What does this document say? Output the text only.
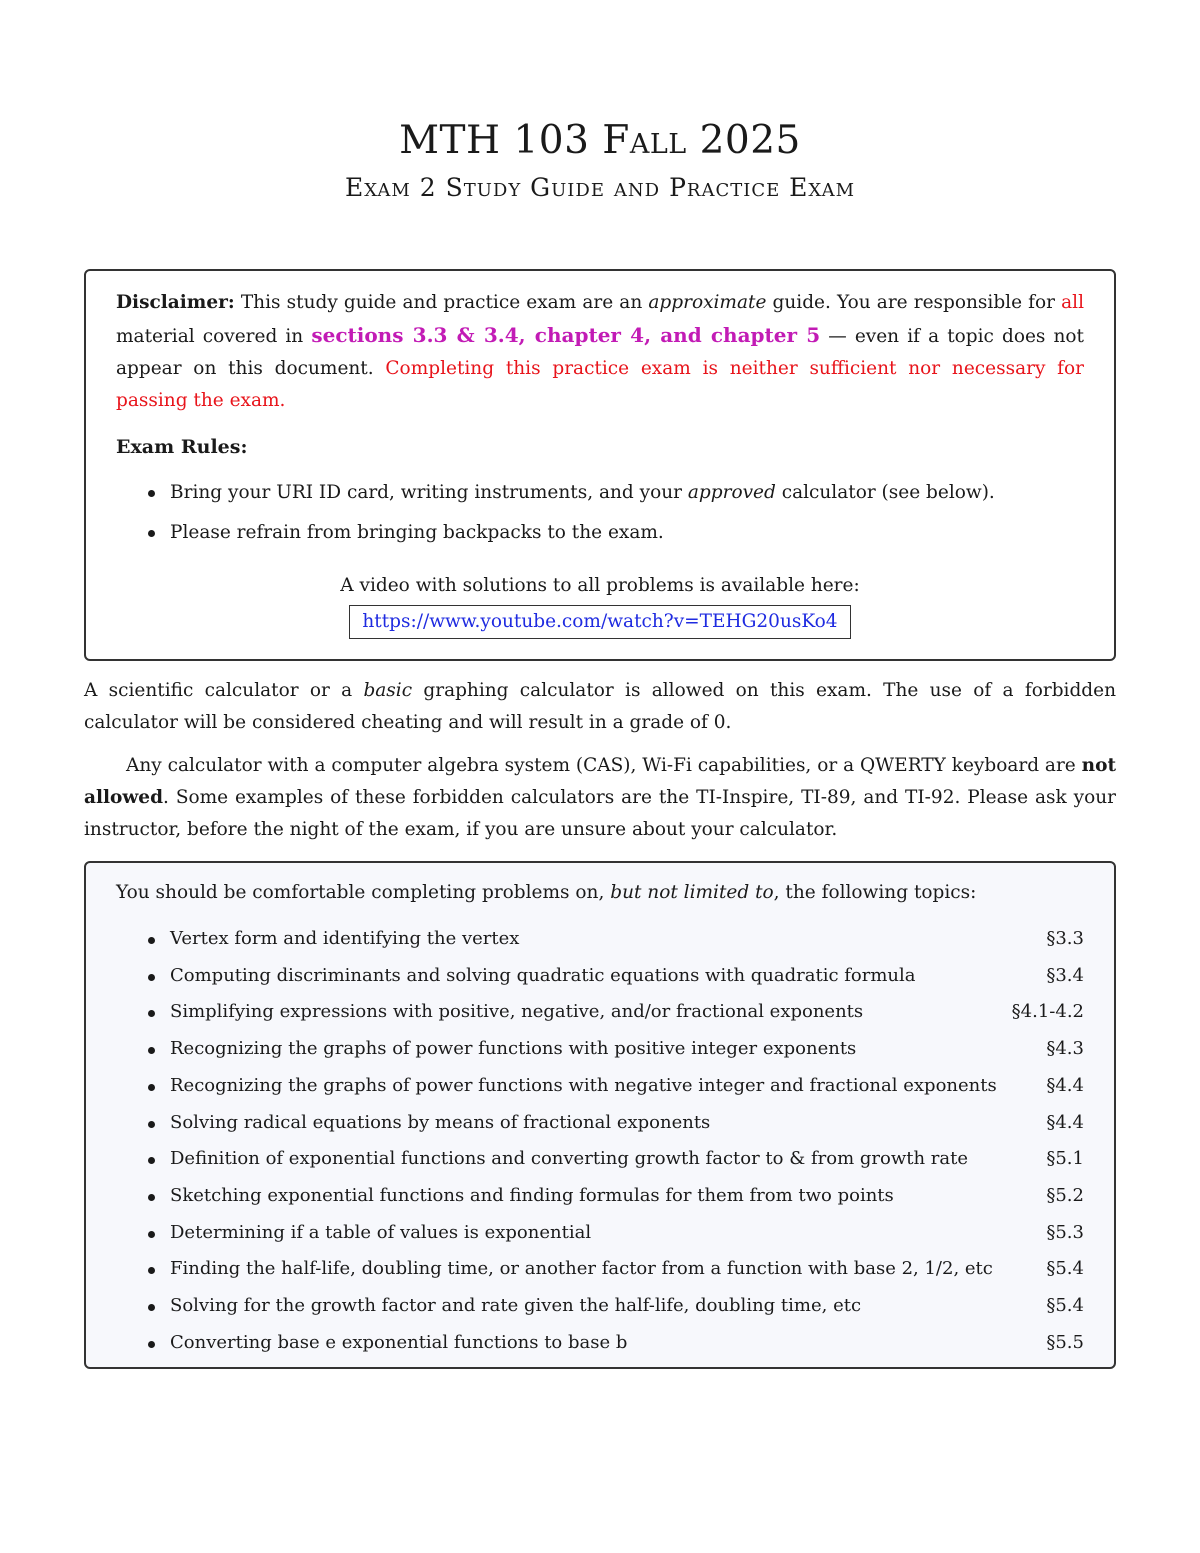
MTH 103 Fall 2025
Exam 2 Study Guide and Practice Exam

Disclaimer: This study guide and practice exam are an approximate guide. You are responsible for all material covered in sections 3.3 & 3.4, chapter 4, and chapter 5 — even if a topic does not appear on this document. Completing this practice exam is neither sufficient nor necessary for passing the exam.

Exam Rules:
Bring your URI ID card, writing instruments, and your approved calculator (see below).
Please refrain from bringing backpacks to the exam.
A video with solutions to all problems is available here:
https://www.youtube.com/watch?v=TEHG20usKo4

A scientific calculator or a basic graphing calculator is allowed on this exam. The use of a forbidden calculator will be considered cheating and will result in a grade of 0.

Any calculator with a computer algebra system (CAS), Wi-Fi capabilities, or a QWERTY keyboard are not allowed. Some examples of these forbidden calculators are the TI-Inspire, TI-89, and TI-92. Please ask your instructor, before the night of the exam, if you are unsure about your calculator.

You should be comfortable completing problems on, but not limited to, the following topics:

Vertex form and identifying the vertex	§3.3
Computing discriminants and solving quadratic equations with quadratic formula	§3.4
Simplifying expressions with positive, negative, and/or fractional exponents	§4.1-4.2
Recognizing the graphs of power functions with positive integer exponents	§4.3
Recognizing the graphs of power functions with negative integer and fractional exponents	§4.4
Solving radical equations by means of fractional exponents	§4.4
Definition of exponential functions and converting growth factor to & from growth rate	§5.1
Sketching exponential functions and finding formulas for them from two points	§5.2
Determining if a table of values is exponential	§5.3
Finding the half-life, doubling time, or another factor from a function with base 2, 1/2, etc	§5.4
Solving for the growth factor and rate given the half-life, doubling time, etc	§5.4
Converting base e exponential functions to base b	§5.5
